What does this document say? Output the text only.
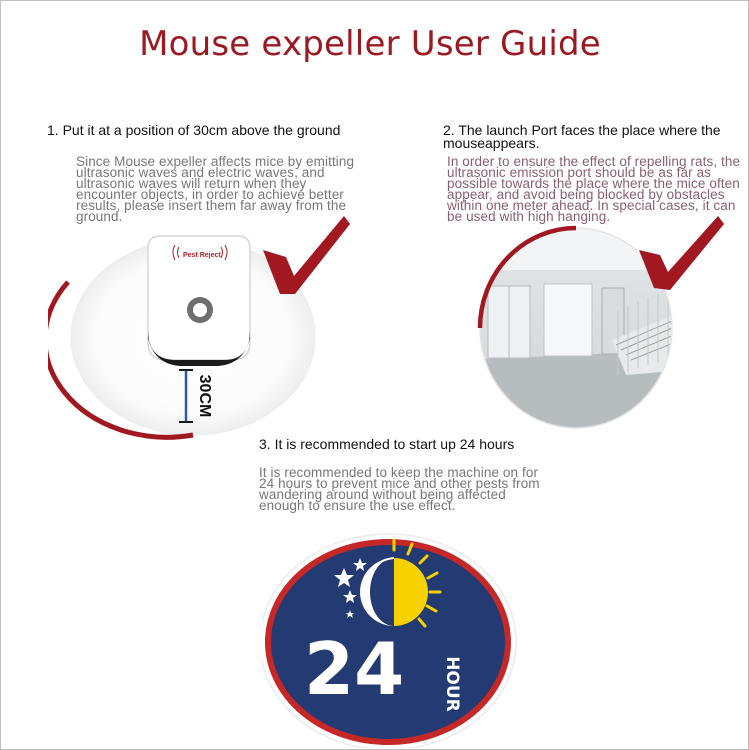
Mouse expeller User Guide
1. Put it at a position of 30cm above the ground
Since Mouse expeller affects mice by emitting ultrasonic waves and electric waves, and ultrasonic waves will return when they encounter objects, in order to achieve better results, please insert them far away from the ground.
Pest Reject
30CM
2. The launch Port faces the place where the mouseappears.
In order to ensure the effect of repelling rats, the ultrasonic emission port should be as far as possible towards the place where the mice often appear, and avoid being blocked by obstacles within one meter ahead. In special cases, it can be used with high hanging.
3. It is recommended to start up 24 hours
It is recommended to keep the machine on for 24 hours to prevent mice and other pests from wandering around without being affected enough to ensure the use effect.
24 HOUR
